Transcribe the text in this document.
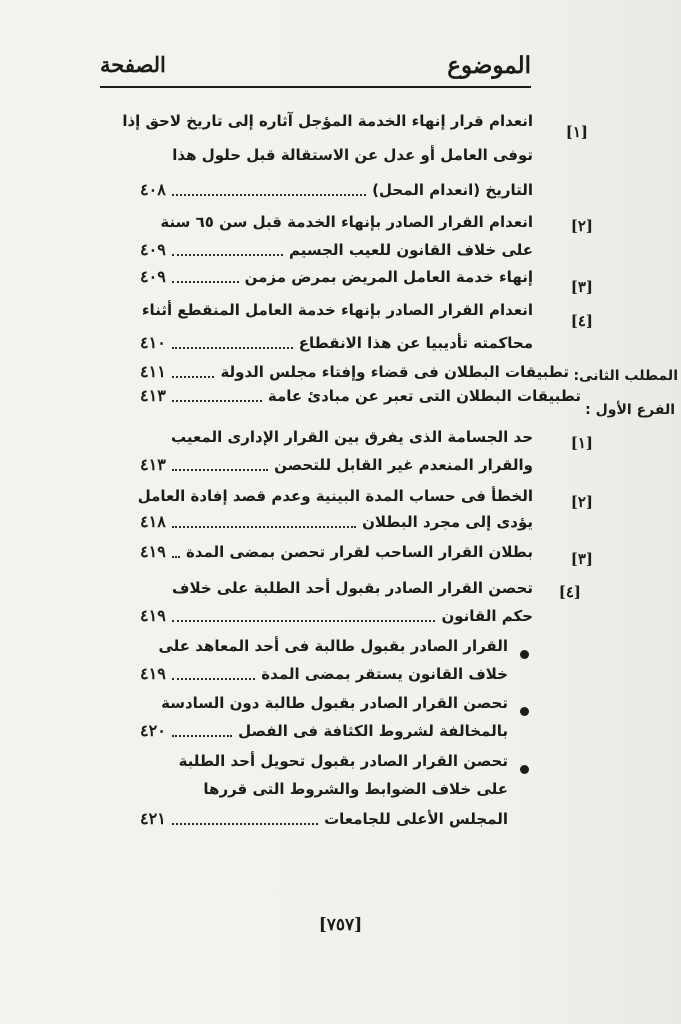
الموضوع
الصفحة
[١]
انعدام قرار إنهاء الخدمة المؤجل آثاره إلى تاريخ لاحق إذا
توفى العامل أو عدل عن الاستقالة قبل حلول هذا
التاريخ (انعدام المحل)
٤٠٨
[٢]
انعدام القرار الصادر بإنهاء الخدمة قبل سن ٦٥ سنة
على خلاف القانون للعيب الجسيم
٤٠٩
[٣]
إنهاء خدمة العامل المريض بمرض مزمن
٤٠٩
[٤]
انعدام القرار الصادر بإنهاء خدمة العامل المنقطع أثناء
محاكمته تأديبيا عن هذا الانقطاع
٤١٠
المطلب الثانى:
تطبيقات البطلان فى قضاء وإفتاء مجلس الدولة
٤١١
الفرع الأول :
تطبيقات البطلان التى تعبر عن مبادئ عامة
٤١٣
[١]
حد الجسامة الذى يفرق بين القرار الإدارى المعيب
والقرار المنعدم غير القابل للتحصن
٤١٣
[٢]
الخطأ فى حساب المدة البينية وعدم قصد إفادة العامل
يؤدى إلى مجرد البطلان
٤١٨
[٣]
بطلان القرار الساحب لقرار تحصن بمضى المدة
٤١٩
[٤]
تحصن القرار الصادر بقبول أحد الطلبة على خلاف
حكم القانون
٤١٩
القرار الصادر بقبول طالبة فى أحد المعاهد على
خلاف القانون يستقر بمضى المدة
٤١٩
تحصن القرار الصادر بقبول طالبة دون السادسة
بالمخالفة لشروط الكثافة فى الفصل
٤٢٠
تحصن القرار الصادر بقبول تحويل أحد الطلبة
على خلاف الضوابط والشروط التى قررها
المجلس الأعلى للجامعات
٤٢١
[٧٥٧]
